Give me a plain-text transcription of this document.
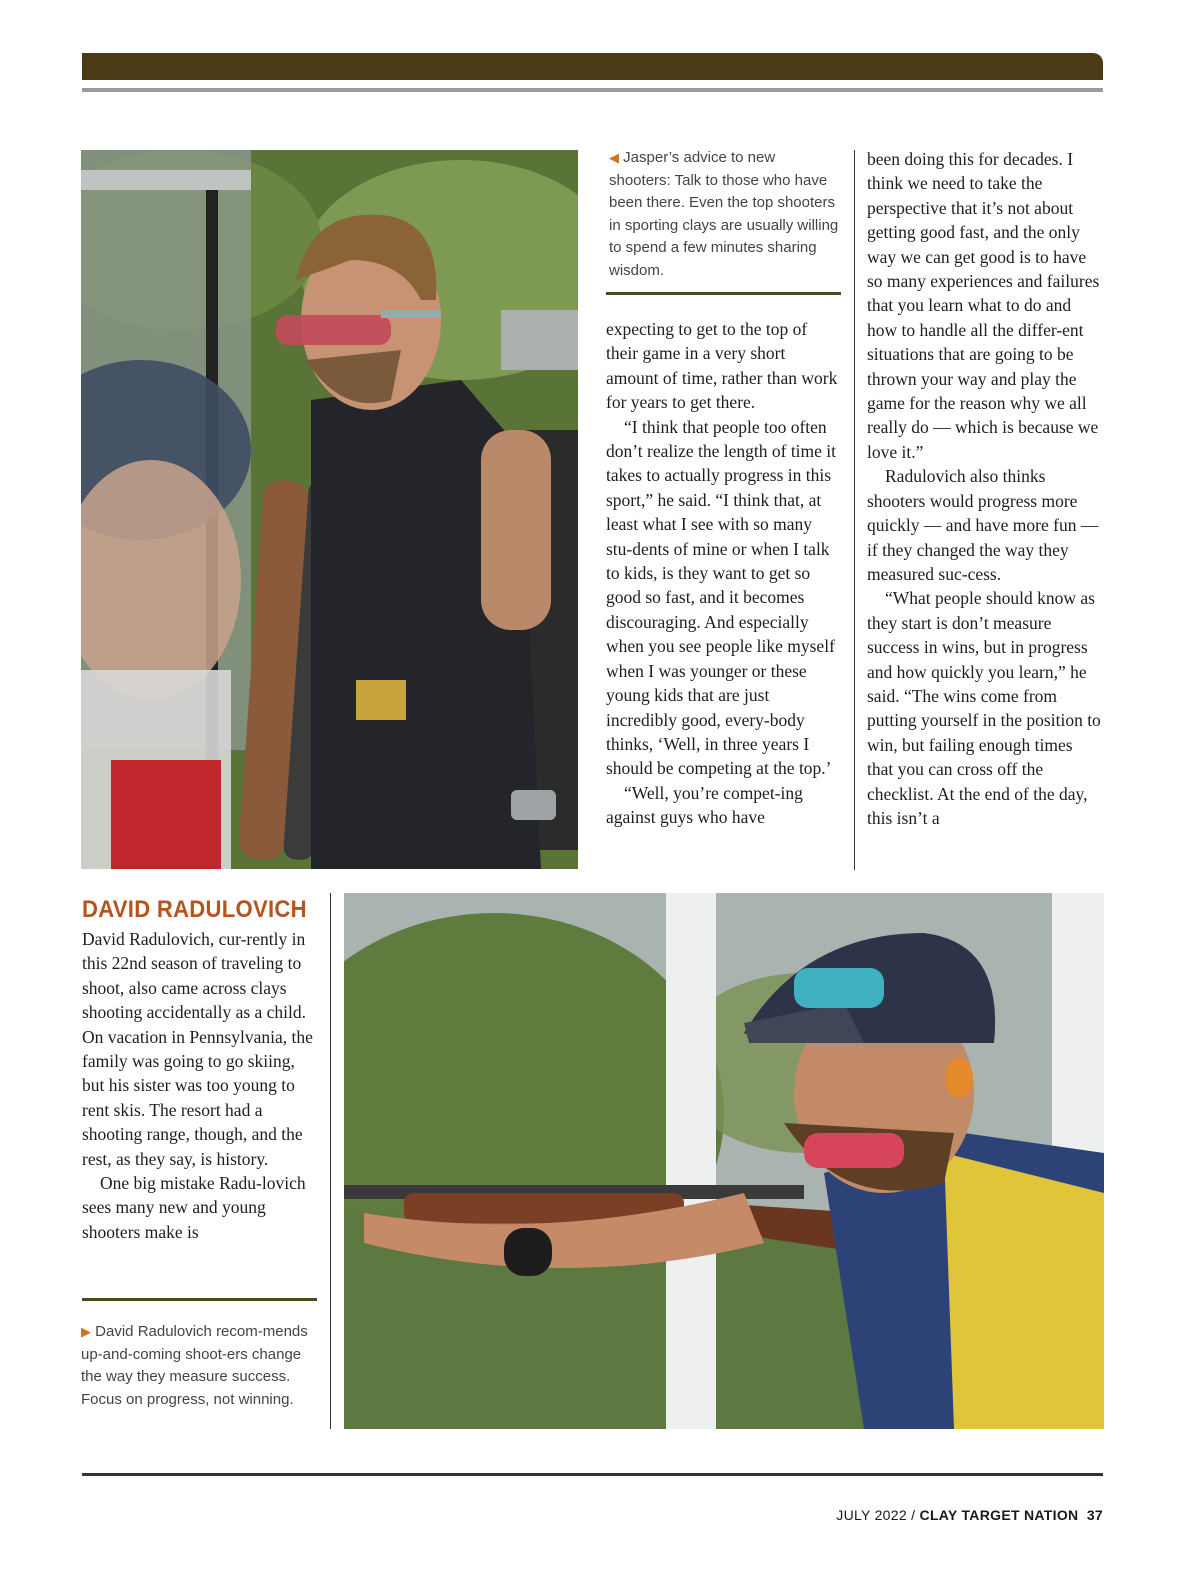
◀ Jasper’s advice to new shooters: Talk to those who have been there. Even the top shooters in sporting clays are usually willing to spend a few minutes sharing wisdom.

expecting to get to the top of their game in a very short amount of time, rather than work for years to get there.

“I think that people too often don’t realize the length of time it takes to actually progress in this sport,” he said. “I think that, at least what I see with so many stu-dents of mine or when I talk to kids, is they want to get so good so fast, and it becomes discouraging. And especially when you see people like myself when I was younger or these young kids that are just incredibly good, every-body thinks, ‘Well, in three years I should be competing at the top.’

“Well, you’re compet-ing against guys who have

been doing this for decades. I think we need to take the perspective that it’s not about getting good fast, and the only way we can get good is to have so many experiences and failures that you learn what to do and how to handle all the differ-ent situations that are going to be thrown your way and play the game for the reason why we all really do — which is because we love it.”

Radulovich also thinks shooters would progress more quickly — and have more fun — if they changed the way they measured suc-cess.

“What people should know as they start is don’t measure success in wins, but in progress and how quickly you learn,” he said. “The wins come from putting yourself in the position to win, but failing enough times that you can cross off the checklist. At the end of the day, this isn’t a

DAVID RADULOVICH

David Radulovich, cur-rently in this 22nd season of traveling to shoot, also came across clays shooting accidentally as a child. On vacation in Pennsylvania, the family was going to go skiing, but his sister was too young to rent skis. The resort had a shooting range, though, and the rest, as they say, is history.

One big mistake Radu-lovich sees many new and young shooters make is

▶ David Radulovich recom-mends up-and-coming shoot-ers change the way they measure success. Focus on progress, not winning.
JULY 2022 / CLAY TARGET NATION 37
